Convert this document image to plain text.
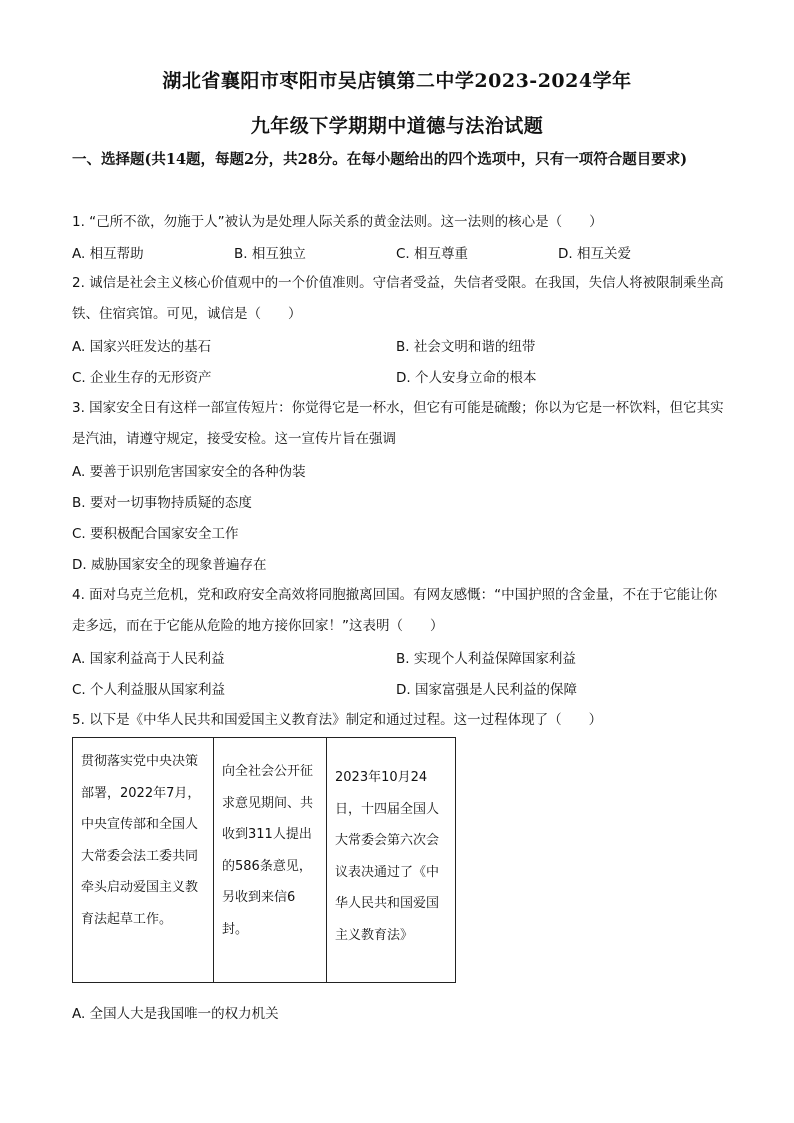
湖北省襄阳市枣阳市吴店镇第二中学2023-2024学年
九年级下学期期中道德与法治试题
一、选择题(共14题，每题2分，共28分。在每小题给出的四个选项中，只有一项符合题目要求)
1. “己所不欲，勿施于人”被认为是处理人际关系的黄金法则。这一法则的核心是（　　）
A. 相互帮助	B. 相互独立	C. 相互尊重	D. 相互关爱
2. 诚信是社会主义核心价值观中的一个价值准则。守信者受益，失信者受限。在我国，失信人将被限制乘坐高铁、住宿宾馆。可见，诚信是（　　）
A. 国家兴旺发达的基石	B. 社会文明和谐的纽带
C. 企业生存的无形资产	D. 个人安身立命的根本
3. 国家安全日有这样一部宣传短片：你觉得它是一杯水，但它有可能是硫酸；你以为它是一杯饮料，但它其实是汽油，请遵守规定，接受安检。这一宣传片旨在强调
A. 要善于识别危害国家安全的各种伪装
B. 要对一切事物持质疑的态度
C. 要积极配合国家安全工作
D. 威胁国家安全的现象普遍存在
4. 面对乌克兰危机，党和政府安全高效将同胞撤离回国。有网友感慨：“中国护照的含金量，不在于它能让你走多远，而在于它能从危险的地方接你回家！”这表明（　　）
A. 国家利益高于人民利益	B. 实现个人利益保障国家利益
C. 个人利益服从国家利益	D. 国家富强是人民利益的保障
5. 以下是《中华人民共和国爱国主义教育法》制定和通过过程。这一过程体现了（　　）
贯彻落实党中央决策部署，2022年7月，中央宣传部和全国人大常委会法工委共同牵头启动爱国主义教育法起草工作。	向全社会公开征求意见期间、共收到311人提出的586条意见，另收到来信6封。	2023年10月24日，十四届全国人大常委会第六次会议表决通过了《中华人民共和国爱国主义教育法》
A. 全国人大是我国唯一的权力机关
